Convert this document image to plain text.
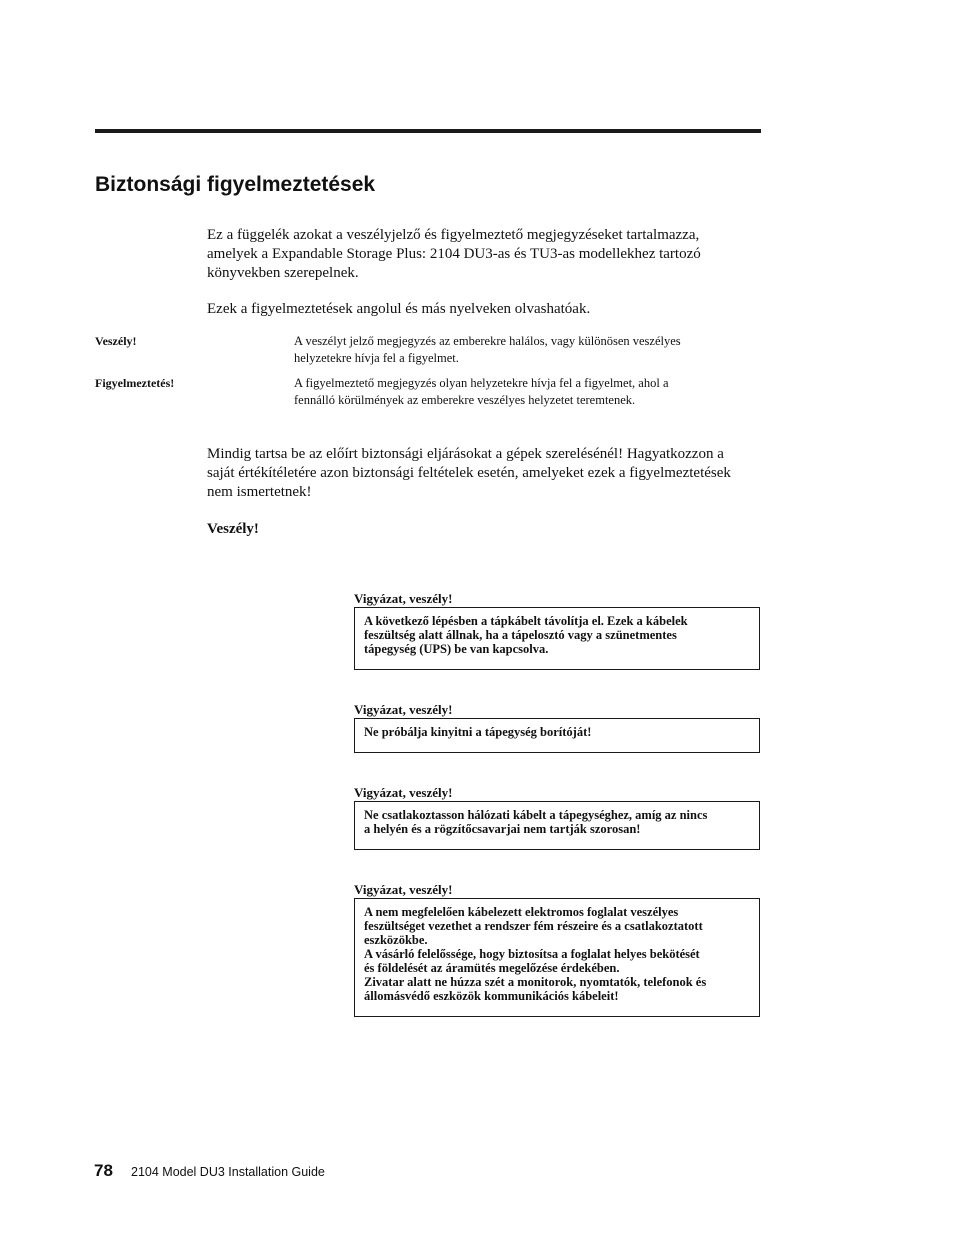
Biztonsági figyelmeztetések

Ez a függelék azokat a veszélyjelző és figyelmeztető megjegyzéseket tartalmazza,
amelyek a Expandable Storage Plus: 2104 DU3-as és TU3-as modellekhez tartozó
könyvekben szerepelnek.

Ezek a figyelmeztetések angolul és más nyelveken olvashatóak.

Veszély!	A veszélyt jelző megjegyzés az emberekre halálos, vagy különösen veszélyes
helyzetekre hívja fel a figyelmet.
Figyelmeztetés!	A figyelmeztető megjegyzés olyan helyzetekre hívja fel a figyelmet, ahol a
fennálló körülmények az emberekre veszélyes helyzetet teremtenek.

Mindig tartsa be az előírt biztonsági eljárásokat a gépek szerelésénél! Hagyatkozzon a
saját értékítéletére azon biztonsági feltételek esetén, amelyeket ezek a figyelmeztetések
nem ismertetnek!

Veszély!
Vigyázat, veszély!
A következő lépésben a tápkábelt távolítja el. Ezek a kábelek
feszültség alatt állnak, ha a tápelosztó vagy a szünetmentes
tápegység (UPS) be van kapcsolva.
Vigyázat, veszély!
Ne próbálja kinyitni a tápegység borítóját!
Vigyázat, veszély!
Ne csatlakoztasson hálózati kábelt a tápegységhez, amíg az nincs
a helyén és a rögzítőcsavarjai nem tartják szorosan!
Vigyázat, veszély!
A nem megfelelően kábelezett elektromos foglalat veszélyes
feszültséget vezethet a rendszer fém részeire és a csatlakoztatott
eszközökbe.
A vásárló felelőssége, hogy biztosítsa a foglalat helyes bekötését
és földelését az áramütés megelőzése érdekében.
Zivatar alatt ne húzza szét a monitorok, nyomtatók, telefonok és
állomásvédő eszközök kommunikációs kábeleit!
78 2104 Model DU3 Installation Guide
